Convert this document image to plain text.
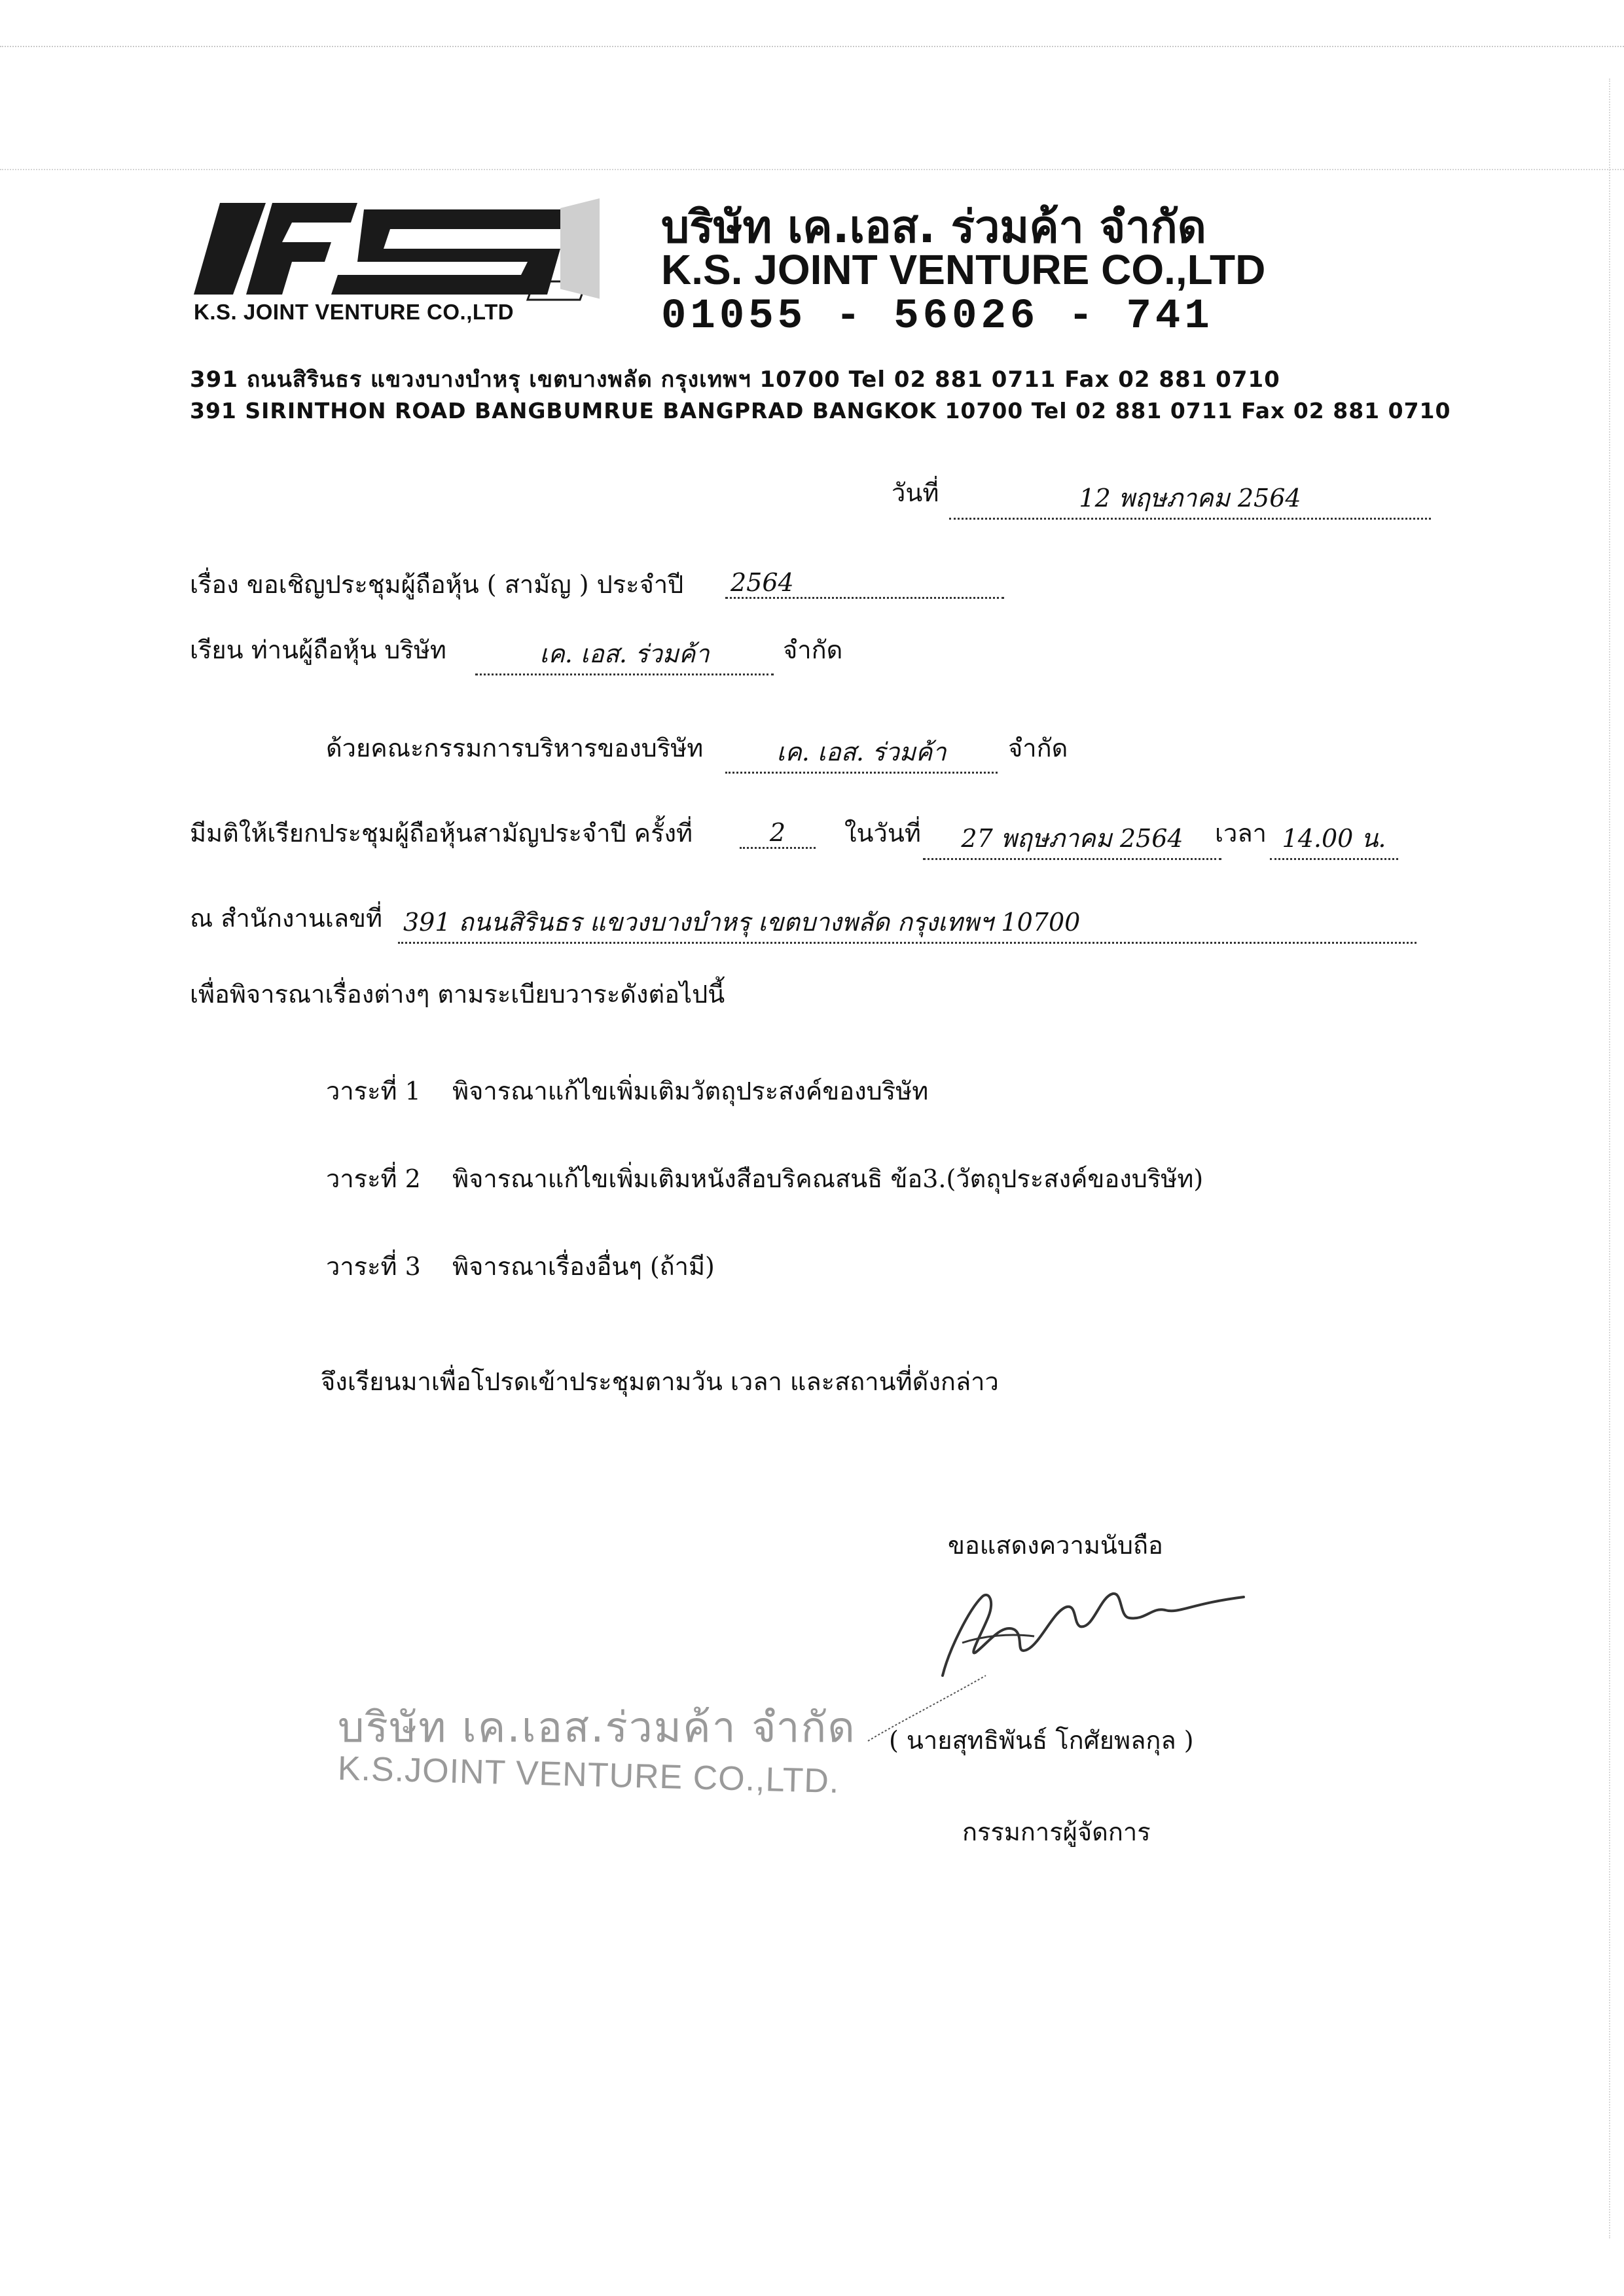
K.S. JOINT VENTURE CO.,LTD
บริษัท เค.เอส. ร่วมค้า จำกัด
K.S. JOINT VENTURE CO.,LTD
01055 - 56026 - 741
391 ถนนสิรินธร แขวงบางบำหรุ เขตบางพลัด กรุงเทพฯ 10700 Tel 02 881 0711 Fax 02 881 0710
391 SIRINTHON ROAD BANGBUMRUE BANGPRAD BANGKOK 10700 Tel 02 881 0711 Fax 02 881 0710
วันที่	12 พฤษภาคม 2564
เรื่อง ขอเชิญประชุมผู้ถือหุ้น ( สามัญ ) ประจำปี 2564
เรียน ท่านผู้ถือหุ้น บริษัท	เค. เอส. ร่วมค้า	จำกัด
ด้วยคณะกรรมการบริหารของบริษัท	เค. เอส. ร่วมค้า	จำกัด
มีมติให้เรียกประชุมผู้ถือหุ้นสามัญประจำปี ครั้งที่	2	ในวันที่	27 พฤษภาคม 2564	เวลา 14.00 น.
ณ สำนักงานเลขที่ 391 ถนนสิรินธร แขวงบางบำหรุ เขตบางพลัด กรุงเทพฯ 10700
เพื่อพิจารณาเรื่องต่างๆ ตามระเบียบวาระดังต่อไปนี้
วาระที่ 1    พิจารณาแก้ไขเพิ่มเติมวัตถุประสงค์ของบริษัท
วาระที่ 2    พิจารณาแก้ไขเพิ่มเติมหนังสือบริคณสนธิ ข้อ3.(วัตถุประสงค์ของบริษัท)
วาระที่ 3    พิจารณาเรื่องอื่นๆ (ถ้ามี)
จึงเรียนมาเพื่อโปรดเข้าประชุมตามวัน เวลา และสถานที่ดังกล่าว
ขอแสดงความนับถือ
บริษัท เค.เอส.ร่วมค้า จำกัด
K.S.JOINT VENTURE CO.,LTD.
( นายสุทธิพันธ์ โกศัยพลกุล )
กรรมการผู้จัดการ
